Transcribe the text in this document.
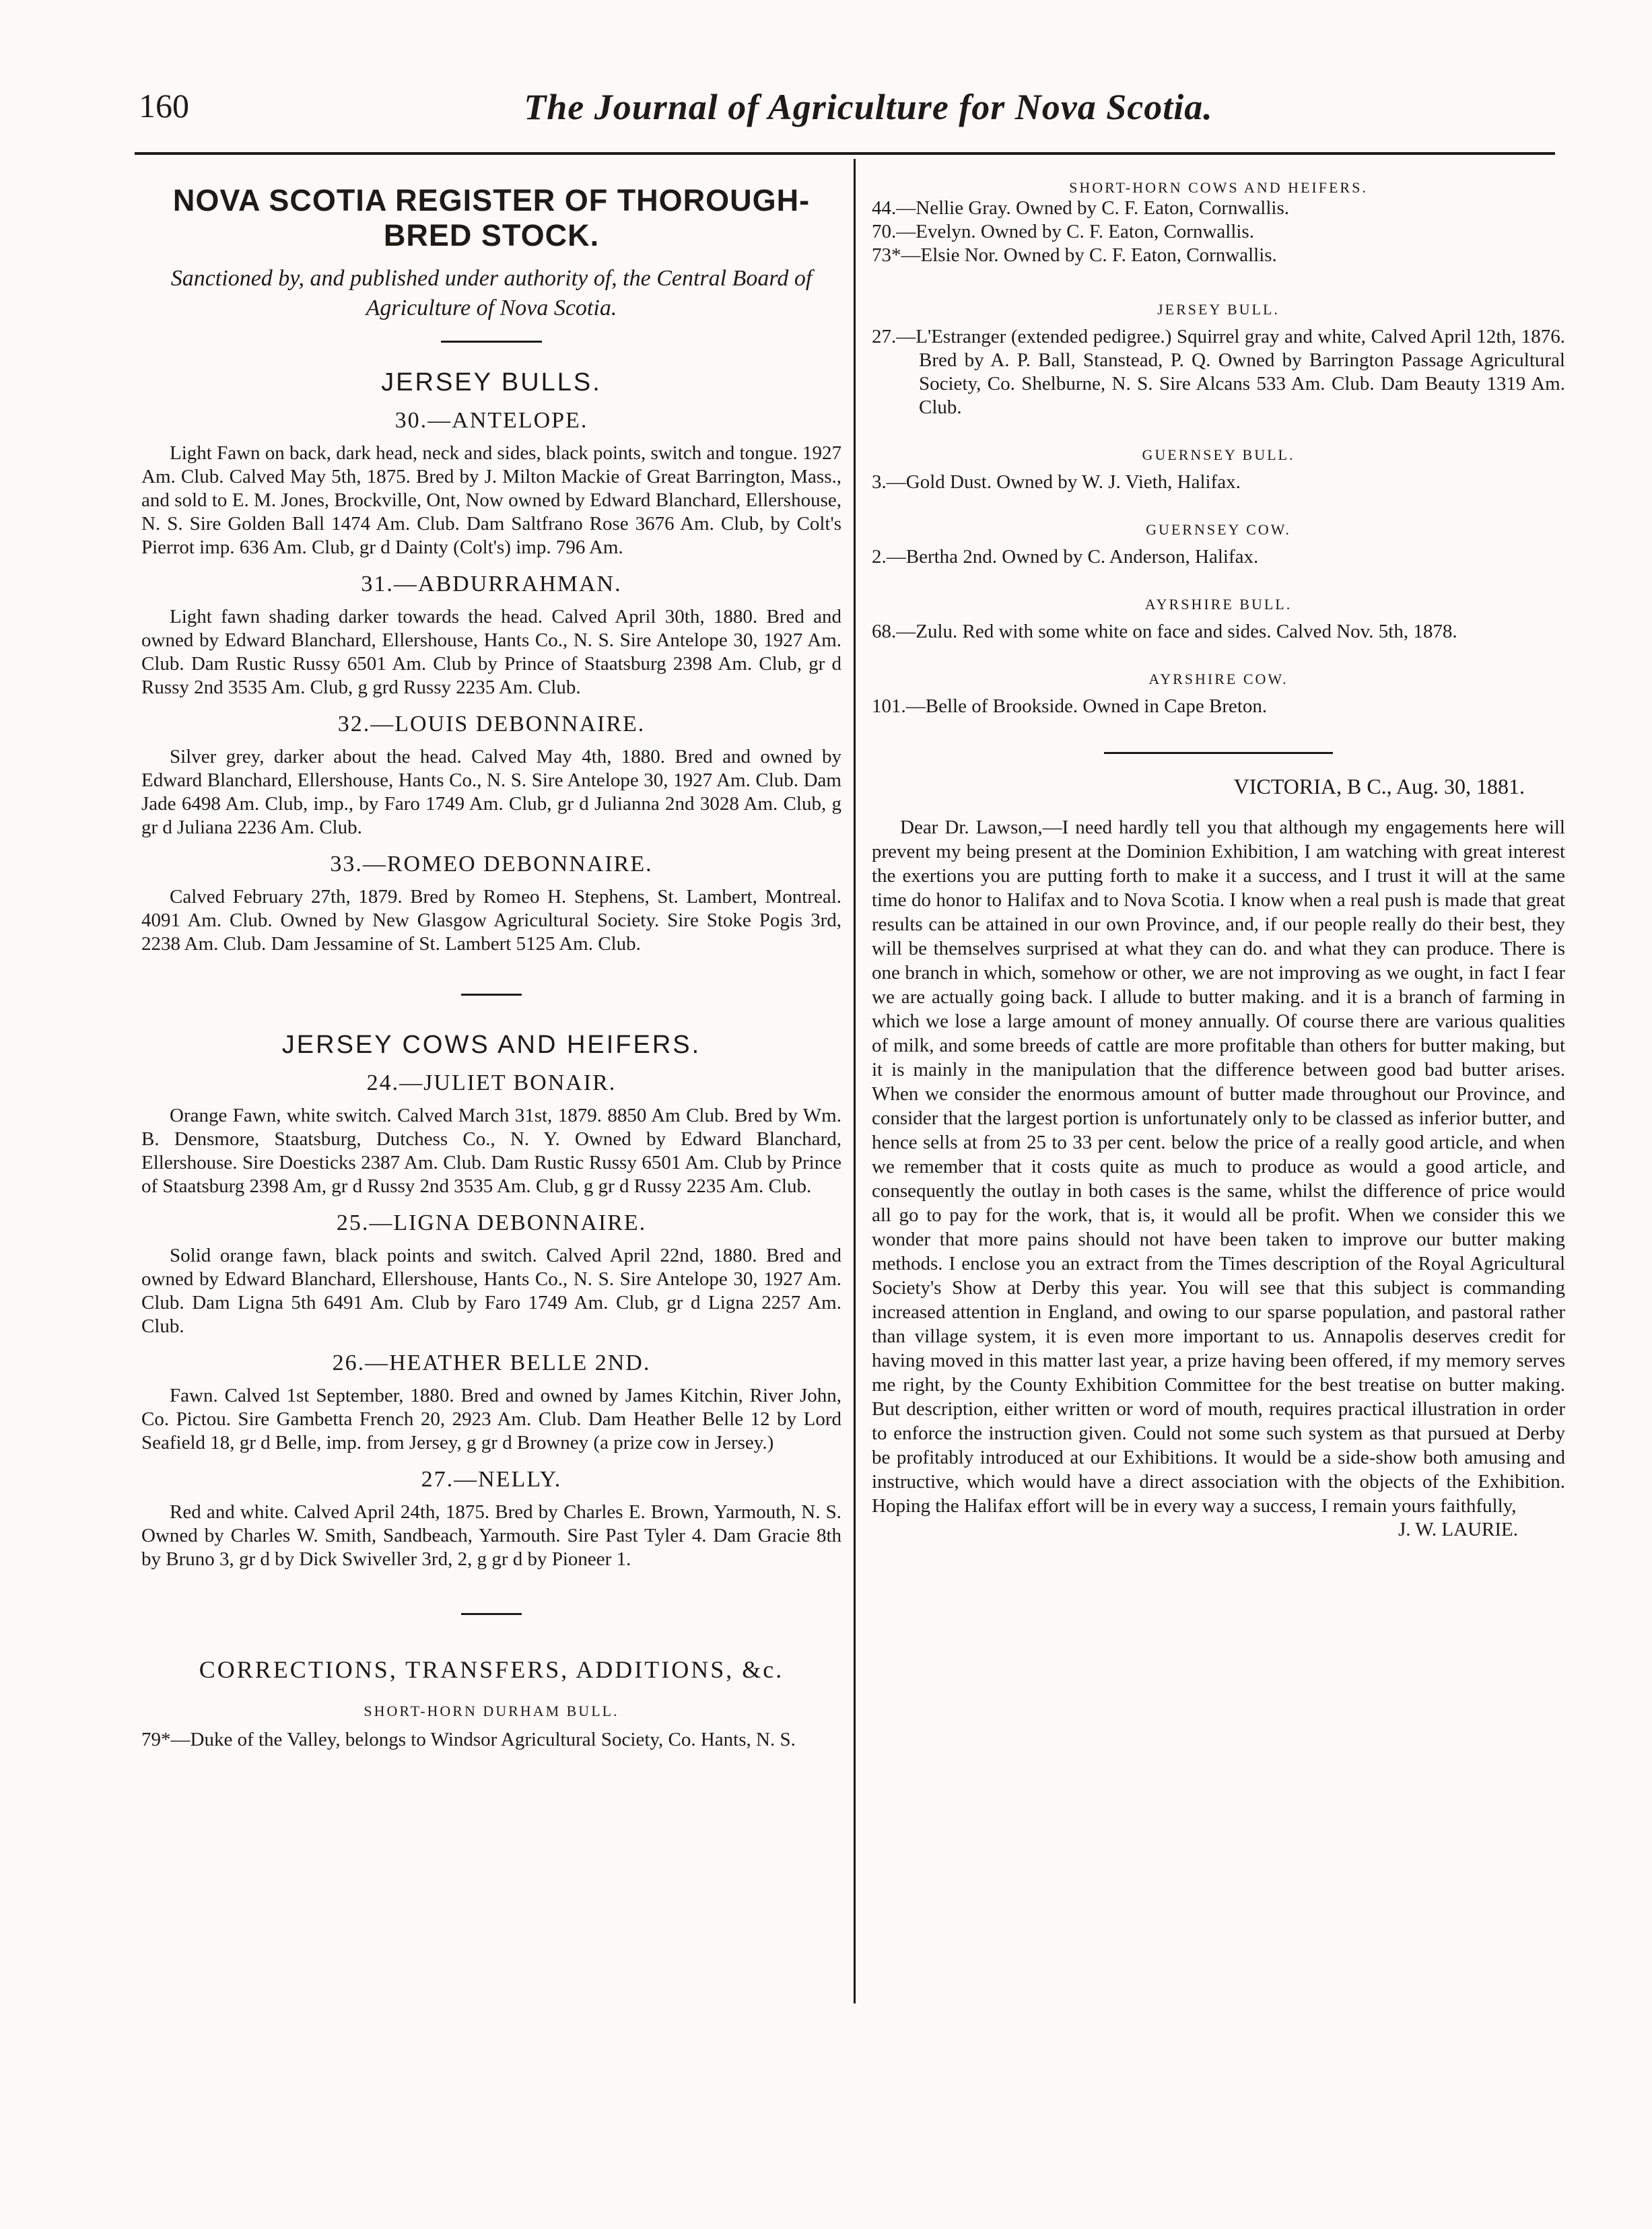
160	The Journal of Agriculture for Nova Scotia.
NOVA SCOTIA REGISTER OF THOROUGH-BRED STOCK.
Sanctioned by, and published under authority of, the Central Board of Agriculture of Nova Scotia.
JERSEY BULLS.
30.—ANTELOPE.

Light Fawn on back, dark head, neck and sides, black points, switch and tongue. 1927 Am. Club. Calved May 5th, 1875. Bred by J. Milton Mackie of Great Barrington, Mass., and sold to E. M. Jones, Brockville, Ont, Now owned by Edward Blanchard, Ellershouse, N. S. Sire Golden Ball 1474 Am. Club. Dam Saltfrano Rose 3676 Am. Club, by Colt's Pierrot imp. 636 Am. Club, gr d Dainty (Colt's) imp. 796 Am.

31.—ABDURRAHMAN.

Light fawn shading darker towards the head. Calved April 30th, 1880. Bred and owned by Edward Blanchard, Ellershouse, Hants Co., N. S. Sire Antelope 30, 1927 Am. Club. Dam Rustic Russy 6501 Am. Club by Prince of Staatsburg 2398 Am. Club, gr d Russy 2nd 3535 Am. Club, g grd Russy 2235 Am. Club.

32.—LOUIS DEBONNAIRE.

Silver grey, darker about the head. Calved May 4th, 1880. Bred and owned by Edward Blanchard, Ellershouse, Hants Co., N. S. Sire Antelope 30, 1927 Am. Club. Dam Jade 6498 Am. Club, imp., by Faro 1749 Am. Club, gr d Julianna 2nd 3028 Am. Club, g gr d Juliana 2236 Am. Club.

33.—ROMEO DEBONNAIRE.

Calved February 27th, 1879. Bred by Romeo H. Stephens, St. Lambert, Montreal. 4091 Am. Club. Owned by New Glasgow Agricultural Society. Sire Stoke Pogis 3rd, 2238 Am. Club. Dam Jessamine of St. Lambert 5125 Am. Club.

JERSEY COWS AND HEIFERS.
24.—JULIET BONAIR.

Orange Fawn, white switch. Calved March 31st, 1879. 8850 Am Club. Bred by Wm. B. Densmore, Staatsburg, Dutchess Co., N. Y. Owned by Edward Blanchard, Ellershouse. Sire Doesticks 2387 Am. Club. Dam Rustic Russy 6501 Am. Club by Prince of Staatsburg 2398 Am, gr d Russy 2nd 3535 Am. Club, g gr d Russy 2235 Am. Club.

25.—LIGNA DEBONNAIRE.

Solid orange fawn, black points and switch. Calved April 22nd, 1880. Bred and owned by Edward Blanchard, Ellershouse, Hants Co., N. S. Sire Antelope 30, 1927 Am. Club. Dam Ligna 5th 6491 Am. Club by Faro 1749 Am. Club, gr d Ligna 2257 Am. Club.

26.—HEATHER BELLE 2ND.

Fawn. Calved 1st September, 1880. Bred and owned by James Kitchin, River John, Co. Pictou. Sire Gambetta French 20, 2923 Am. Club. Dam Heather Belle 12 by Lord Seafield 18, gr d Belle, imp. from Jersey, g gr d Browney (a prize cow in Jersey.)

27.—NELLY.

Red and white. Calved April 24th, 1875. Bred by Charles E. Brown, Yarmouth, N. S. Owned by Charles W. Smith, Sandbeach, Yarmouth. Sire Past Tyler 4. Dam Gracie 8th by Bruno 3, gr d by Dick Swiveller 3rd, 2, g gr d by Pioneer 1.

CORRECTIONS, TRANSFERS, ADDITIONS, &c.
SHORT-HORN DURHAM BULL.

79*—Duke of the Valley, belongs to Windsor Agricultural Society, Co. Hants, N. S.

SHORT-HORN COWS AND HEIFERS.

44.—Nellie Gray. Owned by C. F. Eaton, Cornwallis.

70.—Evelyn. Owned by C. F. Eaton, Cornwallis.

73*—Elsie Nor. Owned by C. F. Eaton, Cornwallis.

JERSEY BULL.

27.—L'Estranger (extended pedigree.) Squirrel gray and white, Calved April 12th, 1876. Bred by A. P. Ball, Stanstead, P. Q. Owned by Barrington Passage Agricultural Society, Co. Shelburne, N. S. Sire Alcans 533 Am. Club. Dam Beauty 1319 Am. Club.

GUERNSEY BULL.

3.—Gold Dust. Owned by W. J. Vieth, Halifax.

GUERNSEY COW.

2.—Bertha 2nd. Owned by C. Anderson, Halifax.

AYRSHIRE BULL.

68.—Zulu. Red with some white on face and sides. Calved Nov. 5th, 1878.

AYRSHIRE COW.

101.—Belle of Brookside. Owned in Cape Breton.

VICTORIA, B C., Aug. 30, 1881.

Dear Dr. Lawson,—I need hardly tell you that although my engagements here will prevent my being present at the Dominion Exhibition, I am watching with great interest the exertions you are putting forth to make it a success, and I trust it will at the same time do honor to Halifax and to Nova Scotia. I know when a real push is made that great results can be attained in our own Province, and, if our people really do their best, they will be themselves surprised at what they can do. and what they can produce. There is one branch in which, somehow or other, we are not improving as we ought, in fact I fear we are actually going back. I allude to butter making. and it is a branch of farming in which we lose a large amount of money annually. Of course there are various qualities of milk, and some breeds of cattle are more profitable than others for butter making, but it is mainly in the manipulation that the difference between good bad butter arises. When we consider the enormous amount of butter made throughout our Province, and consider that the largest portion is unfortunately only to be classed as inferior butter, and hence sells at from 25 to 33 per cent. below the price of a really good article, and when we remember that it costs quite as much to produce as would a good article, and consequently the outlay in both cases is the same, whilst the difference of price would all go to pay for the work, that is, it would all be profit. When we consider this we wonder that more pains should not have been taken to improve our butter making methods. I enclose you an extract from the Times description of the Royal Agricultural Society's Show at Derby this year. You will see that this subject is commanding increased attention in England, and owing to our sparse population, and pastoral rather than village system, it is even more important to us. Annapolis deserves credit for having moved in this matter last year, a prize having been offered, if my memory serves me right, by the County Exhibition Committee for the best treatise on butter making. But description, either written or word of mouth, requires practical illustration in order to enforce the instruction given. Could not some such system as that pursued at Derby be profitably introduced at our Exhibitions. It would be a side-show both amusing and instructive, which would have a direct association with the objects of the Exhibition. Hoping the Halifax effort will be in every way a success, I remain yours faithfully,

J. W. LAURIE.
